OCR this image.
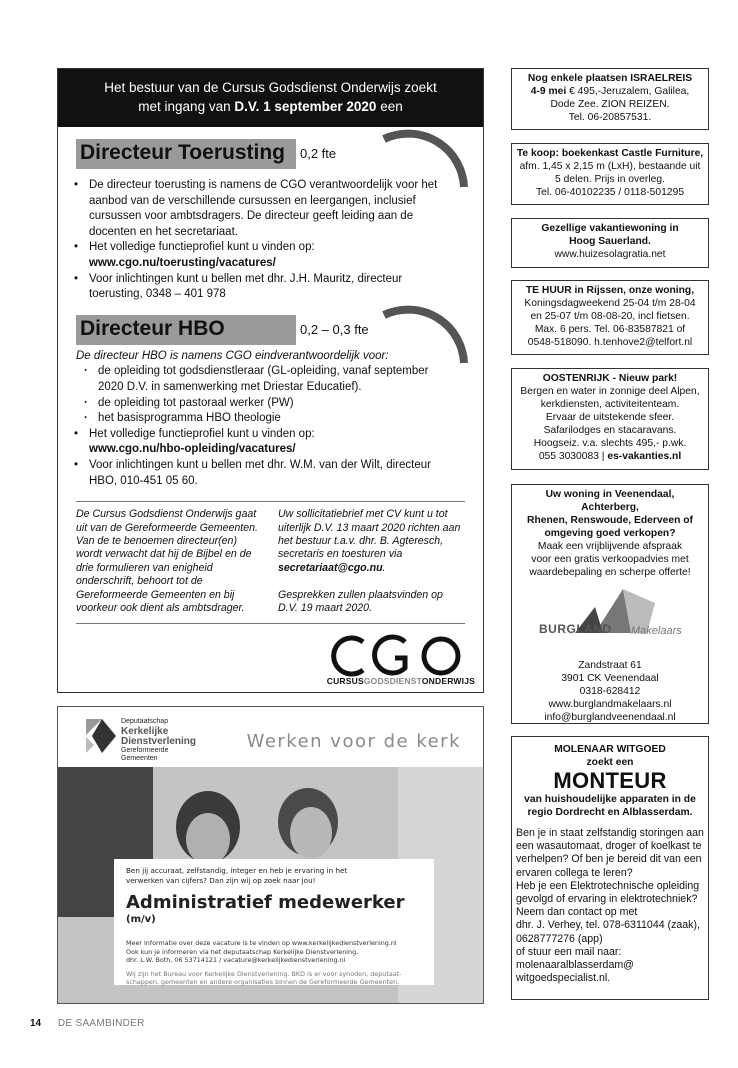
Het bestuur van de Cursus Godsdienst Onderwijs zoekt
met ingang van D.V. 1 september 2020 een
Directeur Toerusting 0,2 fte
• De directeur toerusting is namens de CGO verantwoordelijk voor het aanbod van de verschillende cursussen en leergangen, inclusief cursussen voor ambtsdragers. De directeur geeft leiding aan de docenten en het secretariaat.
• Het volledige functieprofiel kunt u vinden op:
www.cgo.nu/toerusting/vacatures/
• Voor inlichtingen kunt u bellen met dhr. J.H. Mauritz, directeur toerusting, 0348 – 401 978
Directeur HBO	0,2 – 0,3 fte
De directeur HBO is namens CGO eindverantwoordelijk voor:
· de opleiding tot godsdienstleraar (GL-opleiding, vanaf september 2020 D.V. in samenwerking met Driestar Educatief).
· de opleiding tot pastoraal werker (PW)
· het basisprogramma HBO theologie
• Het volledige functieprofiel kunt u vinden op:
www.cgo.nu/hbo-opleiding/vacatures/
• Voor inlichtingen kunt u bellen met dhr. W.M. van der Wilt, directeur HBO, 010-451 05 60.
De Cursus Godsdienst Onderwijs gaat uit van de Gereformeerde Gemeenten. Van de te benoemen directeur(en) wordt verwacht dat hij de Bijbel en de drie formulieren van enigheid onderschrift, behoort tot de Gereformeerde Gemeenten en bij voorkeur ook dient als ambtsdrager.
Uw sollicitatiebrief met CV kunt u tot uiterlijk D.V. 13 maart 2020 richten aan het bestuur t.a.v. dhr. B. Agteresch, secretaris en toesturen via secretariaat@cgo.nu.

Gesprekken zullen plaatsvinden op D.V. 19 maart 2020.
CURSUSGODSDIENSTONDERWIJS
Deputaatschap
Kerkelijke
Dienstverlening
Gereformeerde
Gemeenten
Werken voor de kerk
Ben jij accuraat, zelfstandig, integer en heb je ervaring in het
verwerken van cijfers? Dan zijn wij op zoek naar jou!
Administratief medewerker $^{(m/v)}$
Meer informatie over deze vacature is te vinden op www.kerkelijkedienstverlening.nl
Ook kun je informeren via het deputaatschap Kerkelijke Dienstverlening,
dhr. L.W. Both, 06 53714121 / vacature@kerkelijkedienstverlening.nl
Wij zijn het Bureau voor Kerkelijke Dienstverlening. BKD is er voor synoden, deputaat-
schappen, gemeenten en andere organisaties binnen de Gereformeerde Gemeenten.
Nog enkele plaatsen ISRAELREIS
4-9 mei € 495,-Jeruzalem, Galilea,
Dode Zee. ZION REIZEN.
Tel. 06-20857531.
Te koop: boekenkast Castle Furniture,
afm. 1,45 x 2,15 m (LxH), bestaande uit
5 delen. Prijs in overleg.
Tel. 06-40102235 / 0118-501295
Gezellige vakantiewoning in
Hoog Sauerland.
www.huizesolagratia.net
TE HUUR in Rijssen, onze woning,
Koningsdagweekend 25-04 t/m 28-04
en 25-07 t/m 08-08-20, incl fietsen.
Max. 6 pers. Tel. 06-83587821 of
0548-518090. h.tenhove2@telfort.nl
OOSTENRIJK - Nieuw park!
Bergen en water in zonnige deel Alpen,
kerkdiensten, activiteitenteam.
Ervaar de uitstekende sfeer.
Safarilodges en stacaravans.
Hoogseiz. v.a. slechts 495,- p.wk.
055 3030083 | es-vakanties.nl
Uw woning in Veenendaal, Achterberg,
Rhenen, Renswoude, Ederveen of
omgeving goed verkopen?
Maak een vrijblijvende afspraak
voor een gratis verkoopadvies met
waardebepaling en scherpe offerte!
BURGLAND Makelaars
Zandstraat 61
3901 CK Veenendaal
0318-628412
www.burglandmakelaars.nl
info@burglandveenendaal.nl
MOLENAAR WITGOED
zoekt een
MONTEUR
van huishoudelijke apparaten in de
regio Dordrecht en Alblasserdam.
Ben je in staat zelfstandig storingen aan een wasautomaat, droger of koelkast te verhelpen? Of ben je bereid dit van een ervaren collega te leren?
Heb je een Elektrotechnische opleiding gevolgd of ervaring in elektrotechniek?
Neem dan contact op met
dhr. J. Verhey, tel. 078-6311044 (zaak), 0628777276 (app)
of stuur een mail naar:
molenaaralblasserdam@
witgoedspecialist.nl.
14 DE SAAMBINDER
